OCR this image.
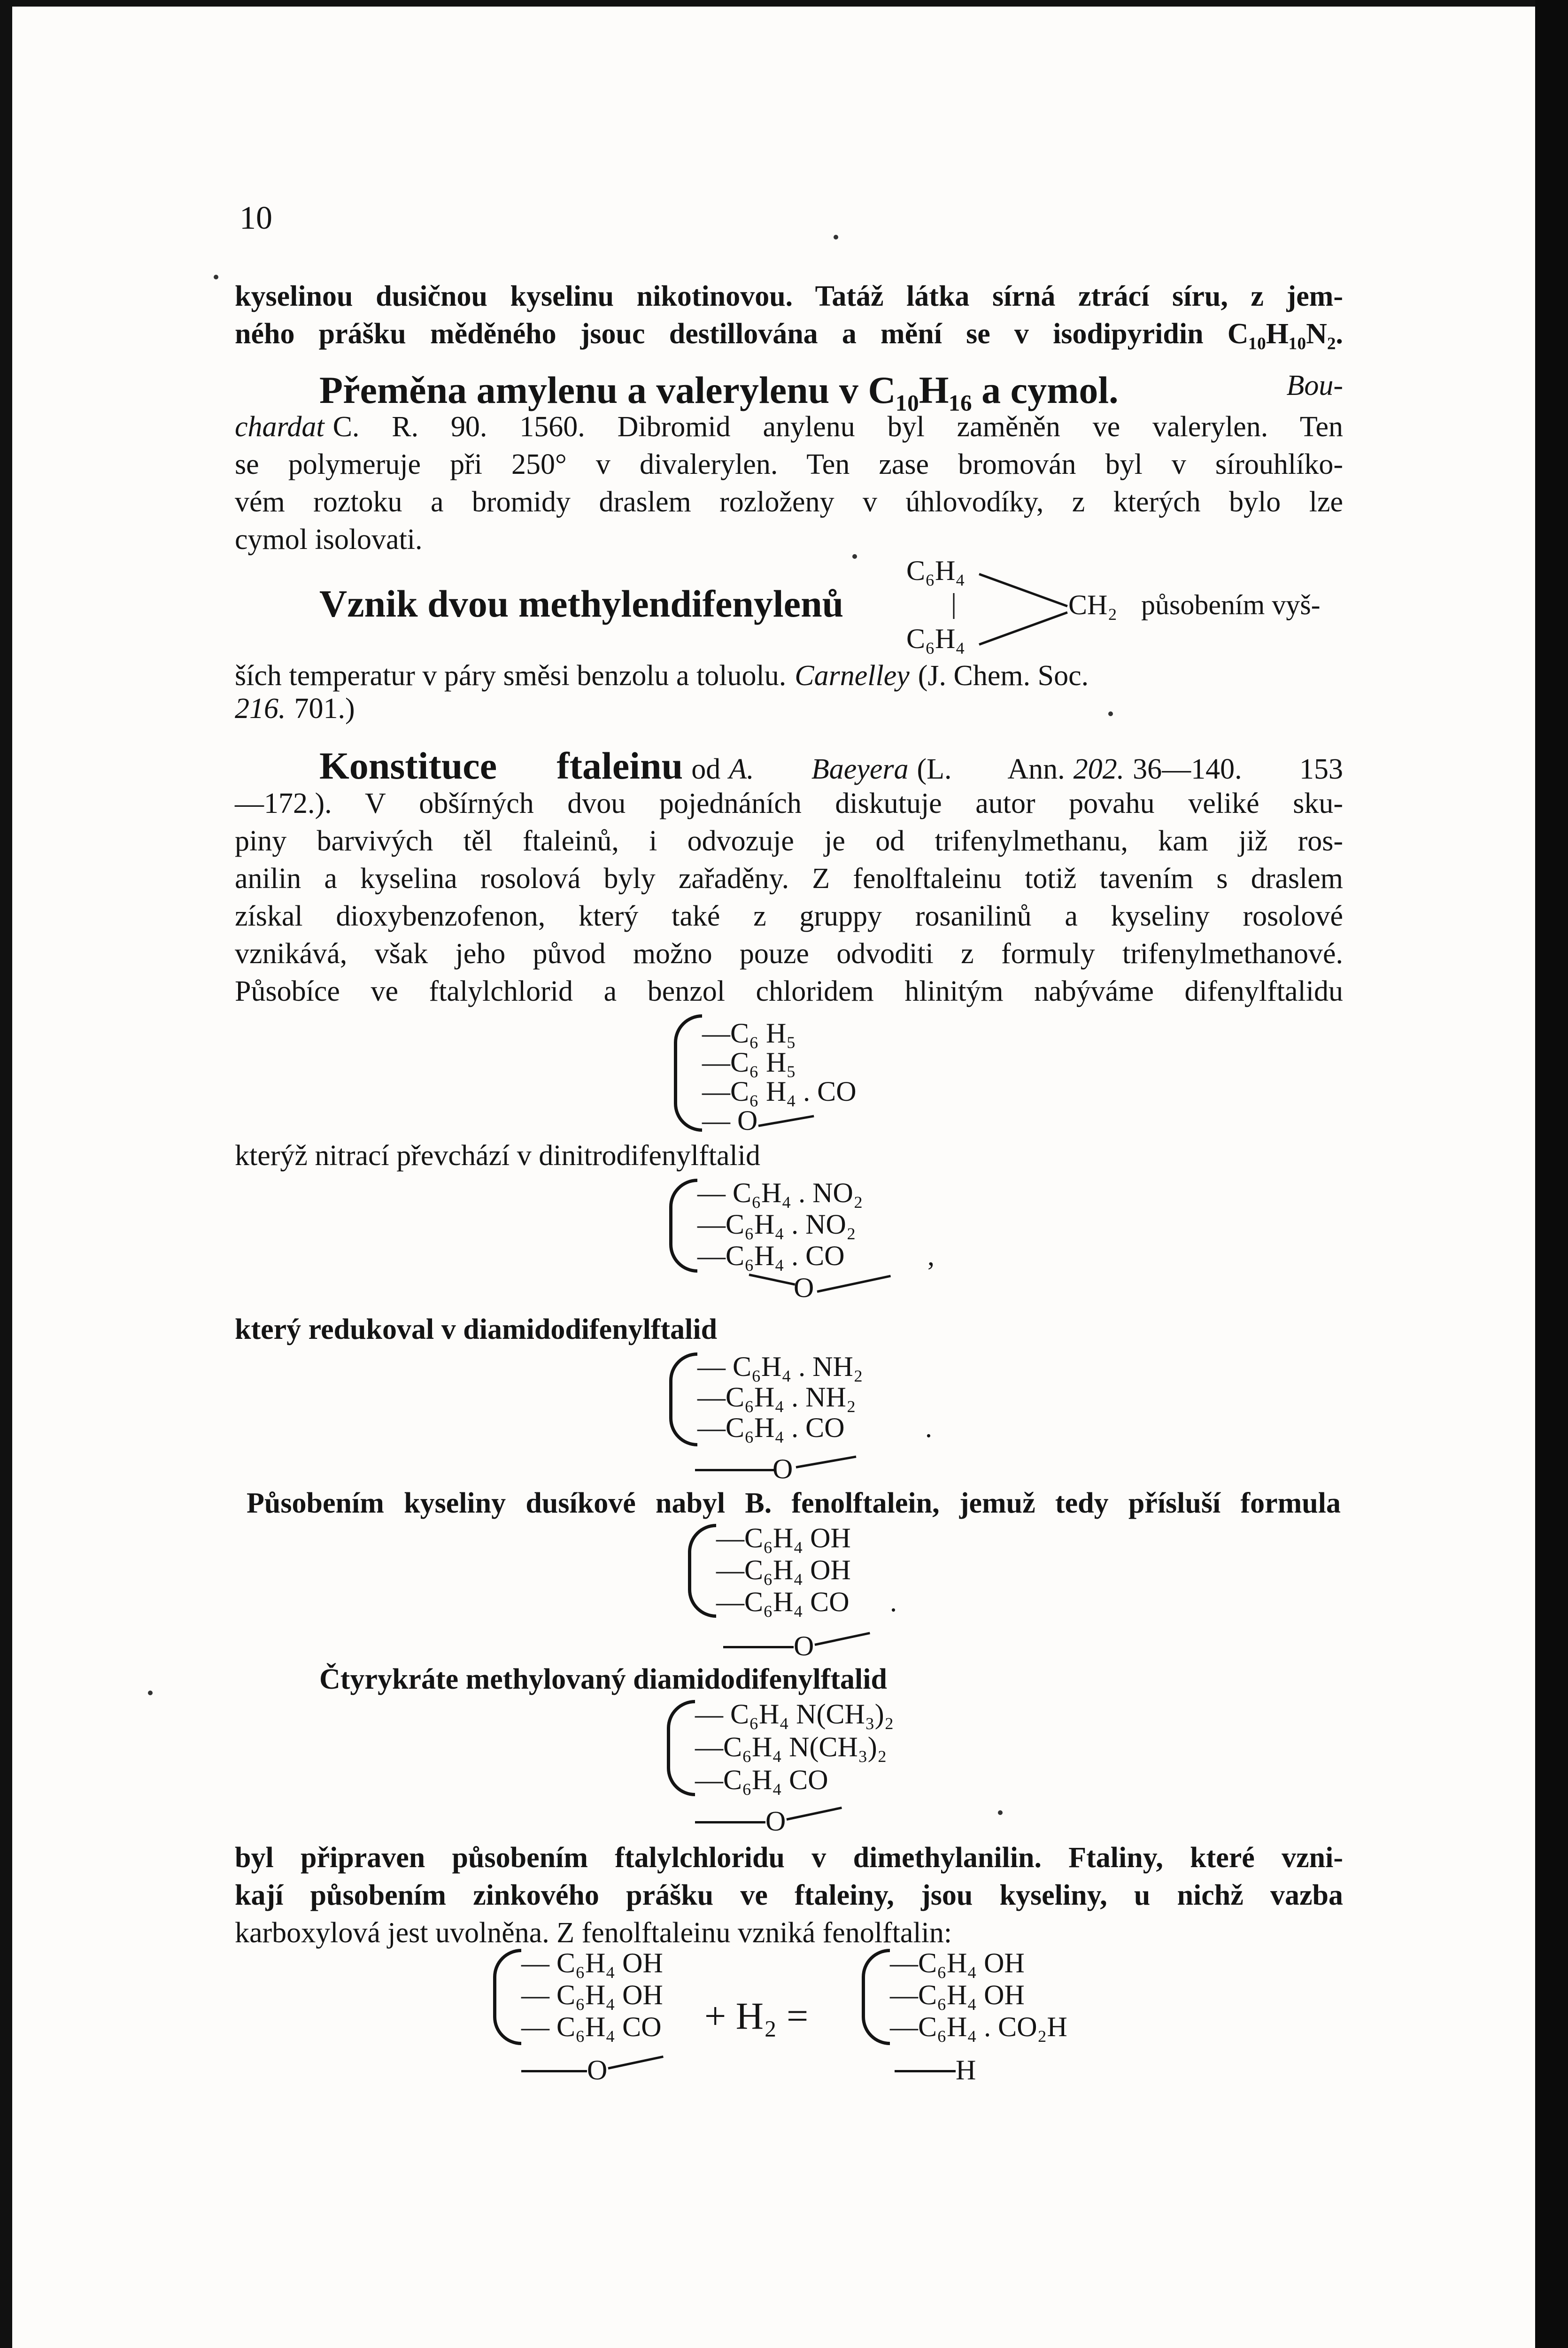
10
kyselinou dusičnou kyselinu nikotinovou. Tatáž látka sírná ztrácí síru, z jem-
ného prášku měděného jsouc destillována a mění se v isodipyridin C₁₀H₁₀N₂.
Přeměna amylenu a valerylenu v C₁₀H₁₆ a cymol.	Bou-
chardat C. R. 90. 1560. Dibromid anylenu byl zaměněn ve valerylen. Ten
se polymeruje při 250° v divalerylen. Ten zase bromován byl v sírouhlíko-
vém roztoku a bromidy draslem rozloženy v úhlovodíky, z kterých bylo lze
cymol isolovati.
C₆H₄
Vznik dvou methylendifenylenů	|	CH₂ působením vyš-
C₆H₄
ších temperatur v páry směsi benzolu a toluolu. Carnelley (J. Chem. Soc.
216. 701.)
Konstituce ftaleinu od A. Baeyera (L. Ann. 202. 36—140. 153
—172.). V obšírných dvou pojednáních diskutuje autor povahu veliké sku-
piny barvivých těl ftaleinů, i odvozuje je od trifenylmethanu, kam již ros-
anilin a kyselina rosolová byly zařaděny. Z fenolftaleinu totiž tavením s draslem
získal dioxybenzofenon, který také z gruppy rosanilinů a kyseliny rosolové
vznikává, však jeho původ možno pouze odvoditi z formuly trifenylmethanové.
Působíce ve ftalylchlorid a benzol chloridem hlinitým nabýváme difenylftalidu
—C₆ H₅
—C₆ H₅
—C₆ H₄ . CO
— O
kterýž nitrací převchází v dinitrodifenylftalid
— C₆H₄ . NO₂
—C₆H₄ . NO₂
—C₆H₄ . CO	,
O
který redukoval v diamidodifenylftalid
— C₆H₄ . NH₂
—C₆H₄ . NH₂
—C₆H₄ . CO	.
O
Působením kyseliny dusíkové nabyl B. fenolftalein, jemuž tedy přísluší formula
—C₆H₄ OH
—C₆H₄ OH
—C₆H₄ CO .
O
Čtyrykráte methylovaný diamidodifenylftalid
— C₆H₄ N(CH₃)₂
—C₆H₄ N(CH₃)₂
—C₆H₄ CO
O
byl připraven působením ftalylchloridu v dimethylanilin. Ftaliny, které vzni-
kají působením zinkového prášku ve ftaleiny, jsou kyseliny, u nichž vazba
karboxylová jest uvolněna. Z fenolftaleinu vzniká fenolftalin:
— C₆H₄ OH
— C₆H₄ OH
— C₆H₄ CO
O
+ H₂ =
—C₆H₄ OH
—C₆H₄ OH
—C₆H₄ . CO₂H
H
